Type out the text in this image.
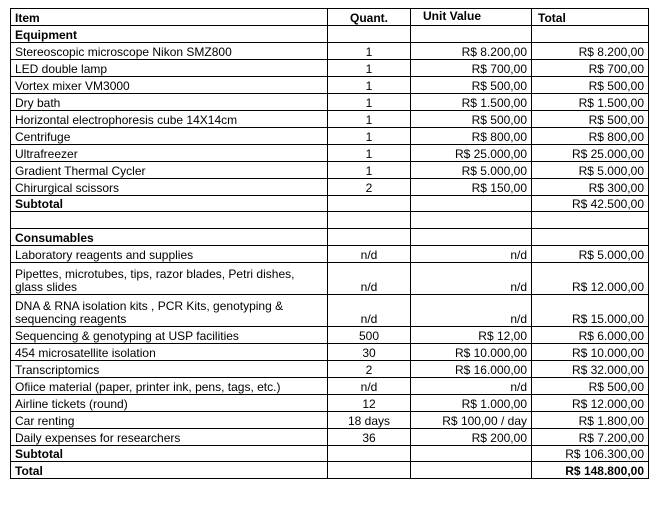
Item	Quant.	Unit Value	Total
Equipment			
Stereoscopic microscope Nikon SMZ800	1	R$ 8.200,00	R$ 8.200,00
LED double lamp	1	R$ 700,00	R$ 700,00
Vortex mixer VM3000	1	R$ 500,00	R$ 500,00
Dry bath	1	R$ 1.500,00	R$ 1.500,00
Horizontal electrophoresis cube 14X14cm	1	R$ 500,00	R$ 500,00
Centrifuge	1	R$ 800,00	R$ 800,00
Ultrafreezer	1	R$ 25.000,00	R$ 25.000,00
Gradient Thermal Cycler	1	R$ 5.000,00	R$ 5.000,00
Chirurgical scissors	2	R$ 150,00	R$ 300,00
Subtotal			R$ 42.500,00

Consumables			
Laboratory reagents and supplies	n/d	n/d	R$ 5.000,00
Pipettes, microtubes, tips, razor blades, Petri dishes, glass slides	n/d	n/d	R$ 12.000,00
DNA & RNA isolation kits , PCR Kits, genotyping & sequencing reagents	n/d	n/d	R$ 15.000,00
Sequencing & genotyping at USP facilities	500	R$ 12,00	R$ 6.000,00
454 microsatellite isolation	30	R$ 10.000,00	R$ 10.000,00
Transcriptomics	2	R$ 16.000,00	R$ 32.000,00
Ofiice material (paper, printer ink, pens, tags, etc.)	n/d	n/d	R$ 500,00
Airline tickets (round)	12	R$ 1.000,00	R$ 12.000,00
Car renting	18 days	R$ 100,00 / day	R$ 1.800,00
Daily expenses for researchers	36	R$ 200,00	R$ 7.200,00
Subtotal			R$ 106.300,00
Total			R$ 148.800,00
